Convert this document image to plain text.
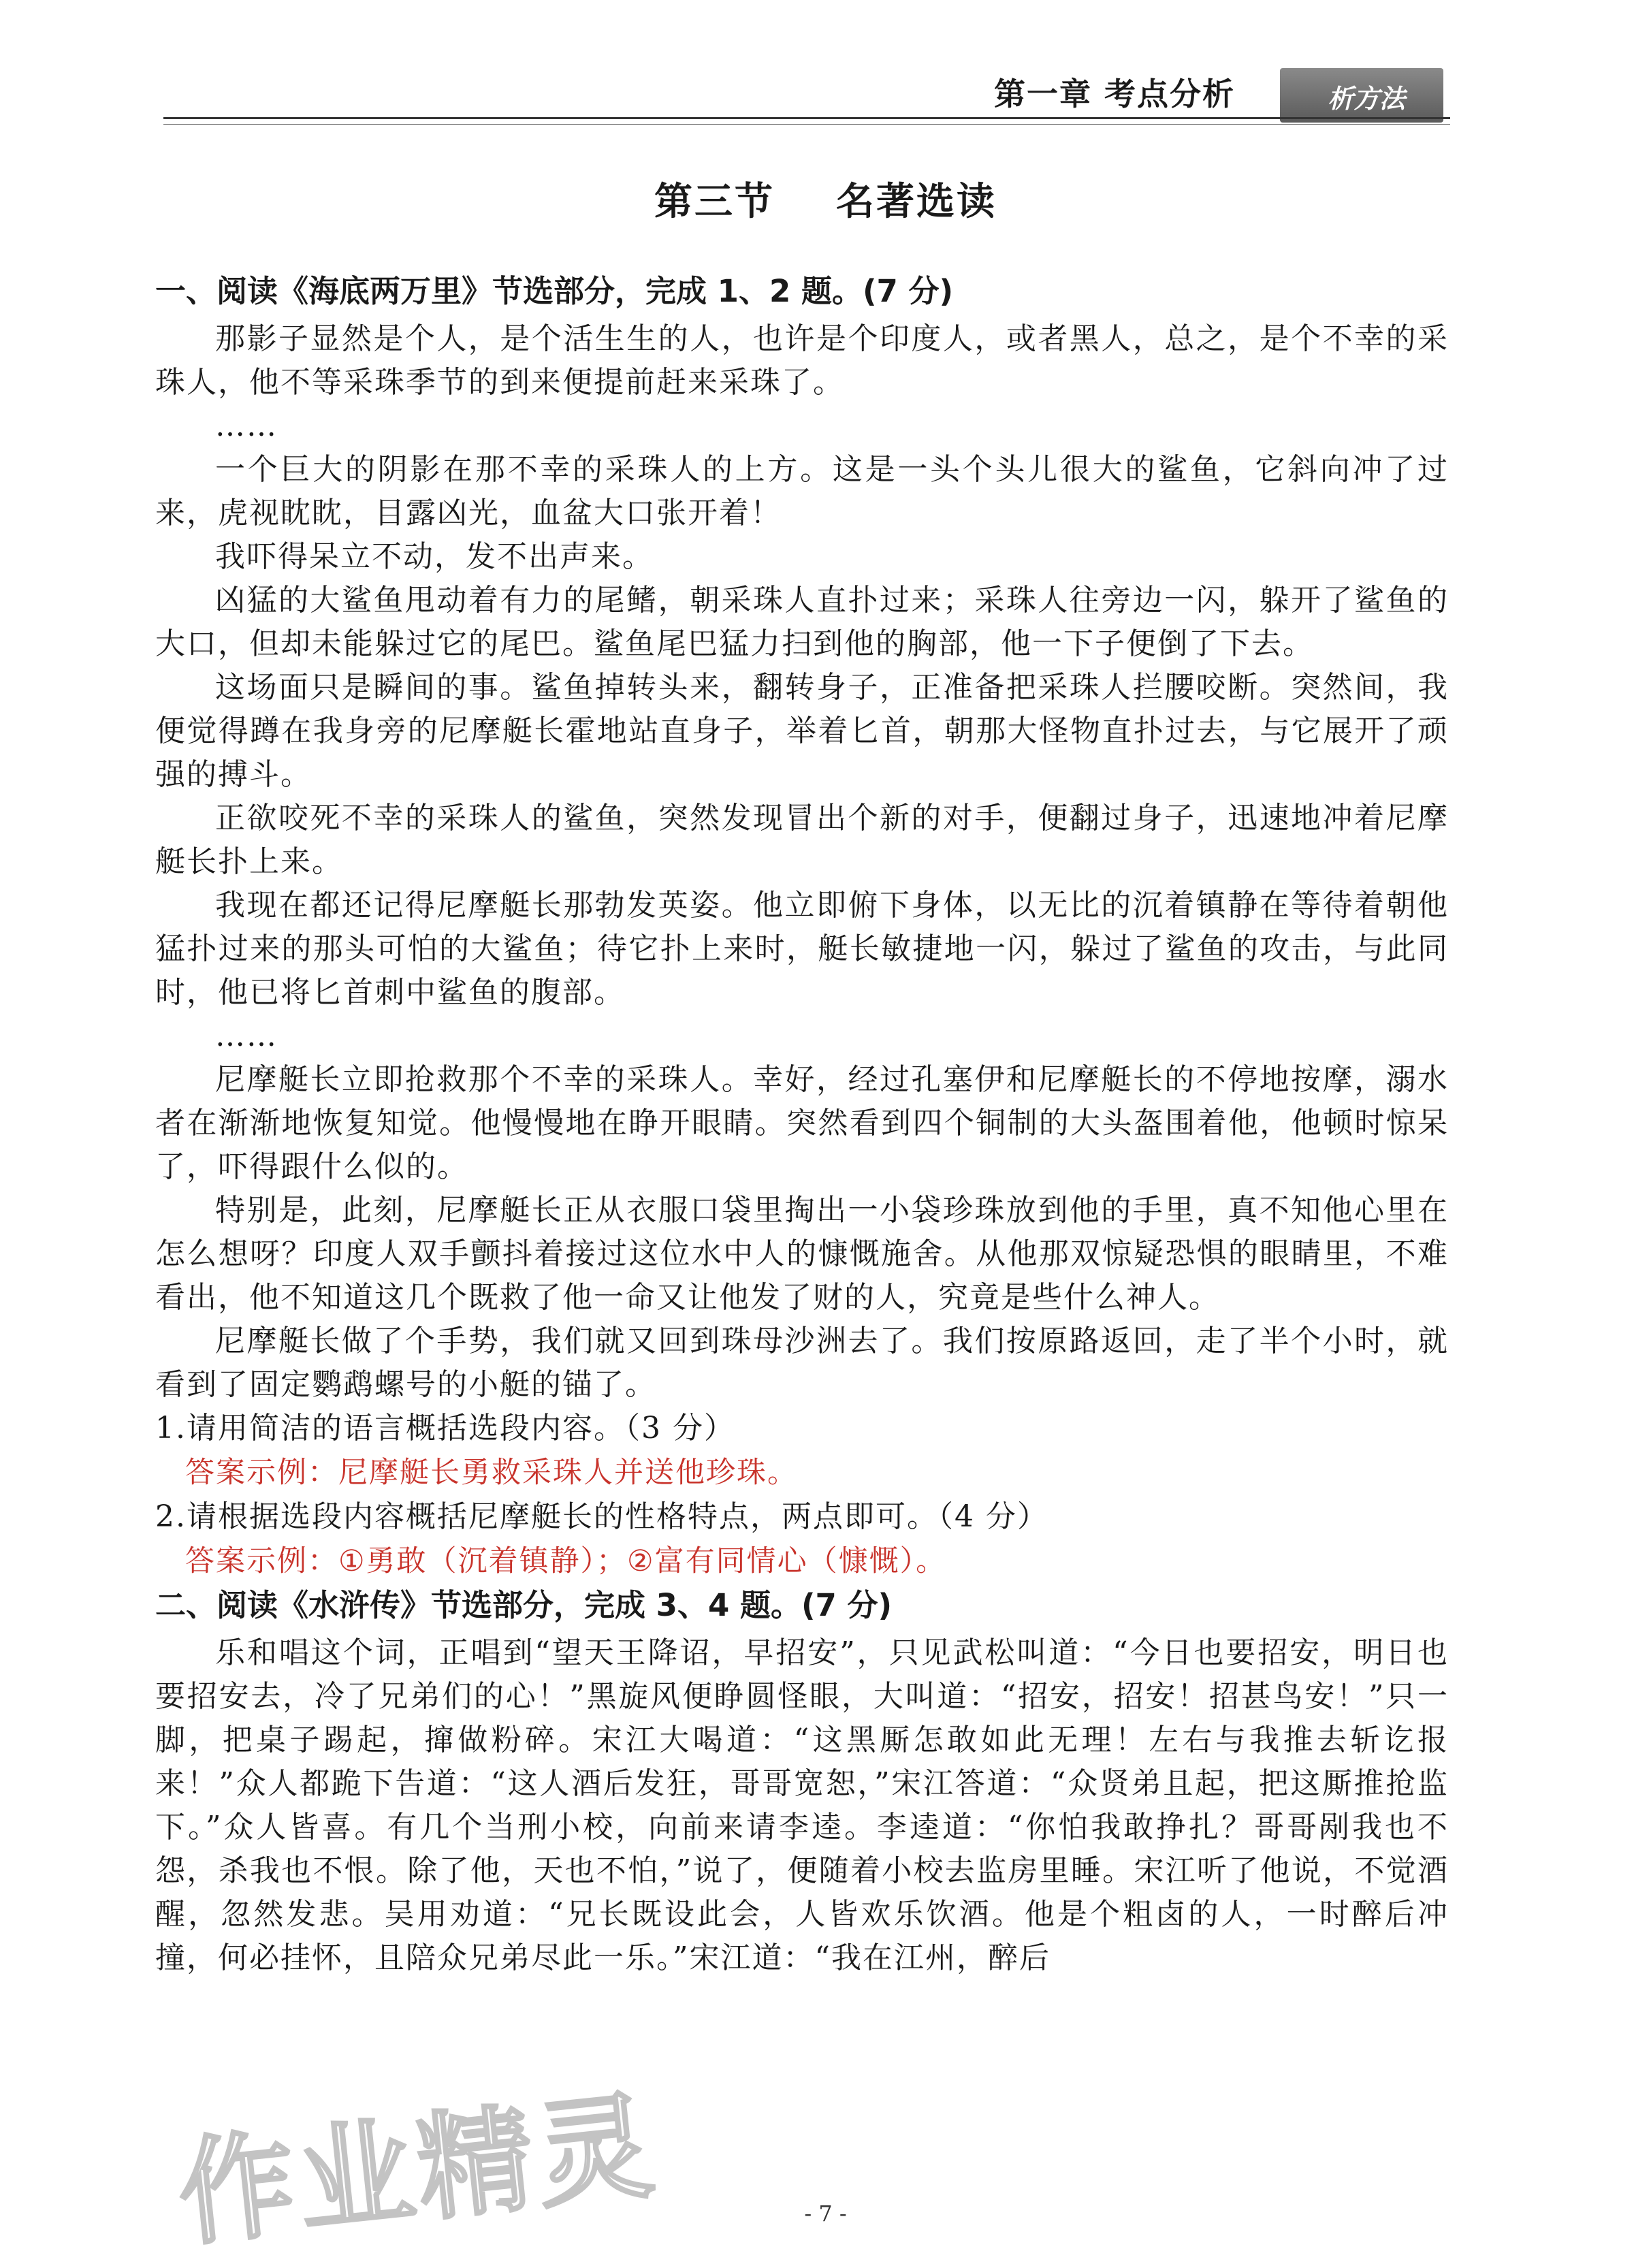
第一章 考点分析	析方法
第三节    名著选读
一、阅读《海底两万里》节选部分，完成 1、2 题。(7 分)

那影子显然是个人，是个活生生的人，也许是个印度人，或者黑人，总之，是个不幸的采珠人，他不等采珠季节的到来便提前赶来采珠了。

……

一个巨大的阴影在那不幸的采珠人的上方。这是一头个头儿很大的鲨鱼，它斜向冲了过来，虎视眈眈，目露凶光，血盆大口张开着！

我吓得呆立不动，发不出声来。

凶猛的大鲨鱼甩动着有力的尾鳍，朝采珠人直扑过来；采珠人往旁边一闪，躲开了鲨鱼的大口，但却未能躲过它的尾巴。鲨鱼尾巴猛力扫到他的胸部，他一下子便倒了下去。

这场面只是瞬间的事。鲨鱼掉转头来，翻转身子，正准备把采珠人拦腰咬断。突然间，我便觉得蹲在我身旁的尼摩艇长霍地站直身子，举着匕首，朝那大怪物直扑过去，与它展开了顽强的搏斗。

正欲咬死不幸的采珠人的鲨鱼，突然发现冒出个新的对手，便翻过身子，迅速地冲着尼摩艇长扑上来。

我现在都还记得尼摩艇长那勃发英姿。他立即俯下身体，以无比的沉着镇静在等待着朝他猛扑过来的那头可怕的大鲨鱼；待它扑上来时，艇长敏捷地一闪，躲过了鲨鱼的攻击，与此同时，他已将匕首刺中鲨鱼的腹部。

……

尼摩艇长立即抢救那个不幸的采珠人。幸好，经过孔塞伊和尼摩艇长的不停地按摩，溺水者在渐渐地恢复知觉。他慢慢地在睁开眼睛。突然看到四个铜制的大头盔围着他，他顿时惊呆了，吓得跟什么似的。

特别是，此刻，尼摩艇长正从衣服口袋里掏出一小袋珍珠放到他的手里，真不知他心里在怎么想呀？印度人双手颤抖着接过这位水中人的慷慨施舍。从他那双惊疑恐惧的眼睛里，不难看出，他不知道这几个既救了他一命又让他发了财的人，究竟是些什么神人。

尼摩艇长做了个手势，我们就又回到珠母沙洲去了。我们按原路返回，走了半个小时，就看到了固定鹦鹉螺号的小艇的锚了。

1.请用简洁的语言概括选段内容。（3 分）

答案示例：尼摩艇长勇救采珠人并送他珍珠。

2.请根据选段内容概括尼摩艇长的性格特点，两点即可。（4 分）

答案示例：①勇敢（沉着镇静）；②富有同情心（慷慨）。

二、阅读《水浒传》节选部分，完成 3、4 题。(7 分)

乐和唱这个词，正唱到“望天王降诏，早招安”，只见武松叫道：“今日也要招安，明日也要招安去，冷了兄弟们的心！”黑旋风便睁圆怪眼，大叫道：“招安，招安！招甚鸟安！”只一脚，把桌子踢起，撺做粉碎。宋江大喝道：“这黑厮怎敢如此无理！左右与我推去斩讫报来！”众人都跪下告道：“这人酒后发狂，哥哥宽恕，”宋江答道：“众贤弟且起，把这厮推抢监下。”众人皆喜。有几个当刑小校，向前来请李逵。李逵道：“你怕我敢挣扎？哥哥剐我也不怨，杀我也不恨。除了他，天也不怕，”说了，便随着小校去监房里睡。宋江听了他说，不觉酒醒，忽然发悲。吴用劝道：“兄长既设此会，人皆欢乐饮酒。他是个粗卤的人，一时醉后冲撞，何必挂怀，且陪众兄弟尽此一乐。”宋江道：“我在江州，醉后

- 7 -
作业精灵
